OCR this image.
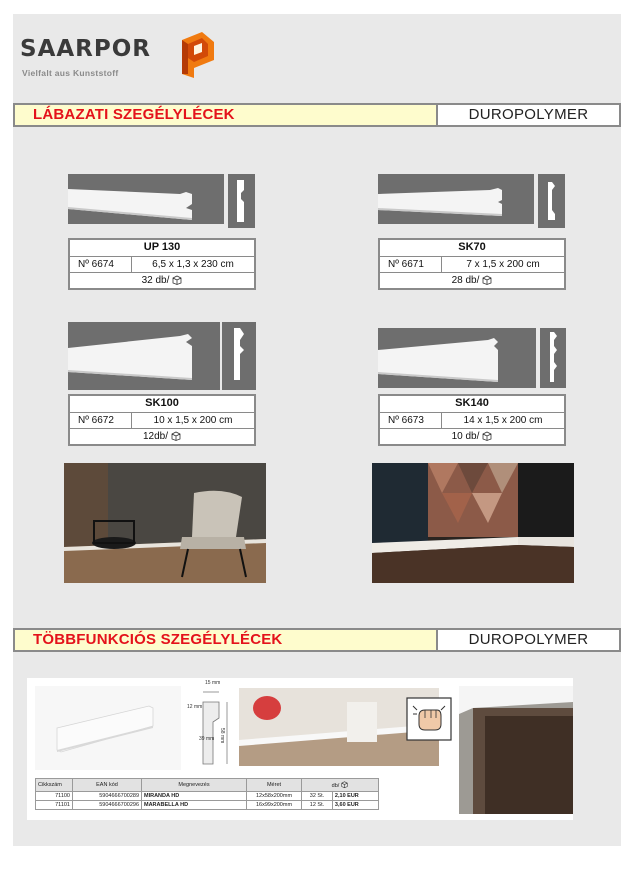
SAARPOR
Vielfalt aus Kunststoff
LÁBAZATI SZEGÉLYLÉCEK	DUROPOLYMER
UP 130
Nº 6674	6,5 x 1,3 x 230 cm
32 db/
SK70
Nº 6671	7 x 1,5 x 200 cm
28 db/
SK100
Nº 6672	10 x 1,5 x 200 cm
12db/
SK140
Nº 6673	14 x 1,5 x 200 cm
10 db/
TÖBBFUNKCIÓS SZEGÉLYLÉCEK	DUROPOLYMER
15 mm
12 mm
58 mm
39 mm
Cikkszám	EAN kód	Megnevezés	Méret	db/	
71100	5904666700289	MIRANDA HD	12x58x200mm	32 St.	2,10 EUR
71101	5904666700296	MARABELLA HD	16x99x200mm	12 St.	3,60 EUR
